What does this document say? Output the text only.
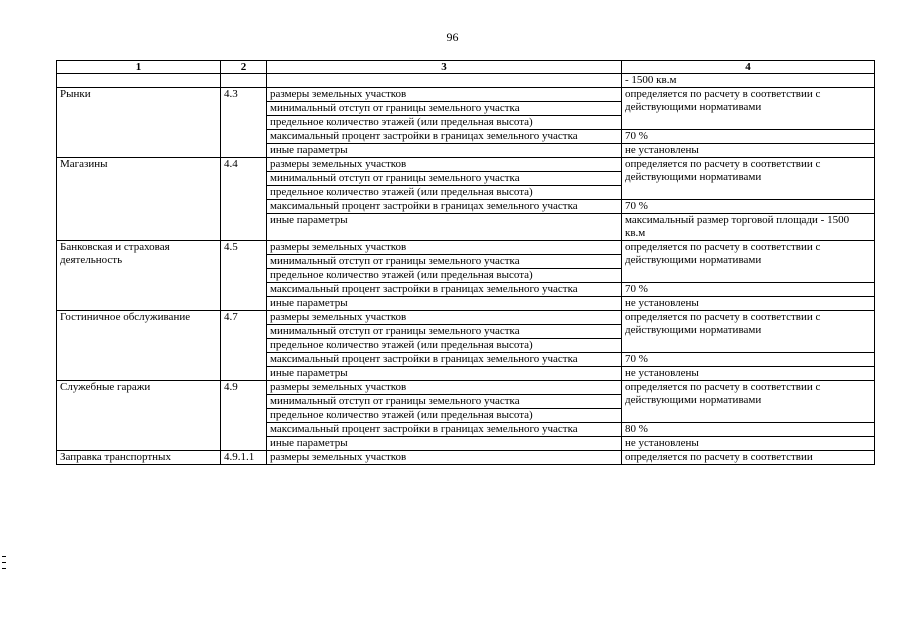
96
1	2	3	4
			- 1500 кв.м
Рынки	4.3	размеры земельных участков	определяется по расчету в соответствии с действующими нормативами
		минимальный отступ от границы земельного участка	
		предельное количество этажей (или предельная высота)	
		максимальный процент застройки в границах земельного участка	70 %
		иные параметры	не установлены
Магазины	4.4	размеры земельных участков	определяется по расчету в соответствии с действующими нормативами
		минимальный отступ от границы земельного участка	
		предельное количество этажей (или предельная высота)	
		максимальный процент застройки в границах земельного участка	70 %
		иные параметры	максимальный размер торговой площади - 1500 кв.м
Банковская и страховая деятельность	4.5	размеры земельных участков	определяется по расчету в соответствии с действующими нормативами
		минимальный отступ от границы земельного участка	
		предельное количество этажей (или предельная высота)	
		максимальный процент застройки в границах земельного участка	70 %
		иные параметры	не установлены
Гостиничное обслуживание	4.7	размеры земельных участков	определяется по расчету в соответствии с действующими нормативами
		минимальный отступ от границы земельного участка	
		предельное количество этажей (или предельная высота)	
		максимальный процент застройки в границах земельного участка	70 %
		иные параметры	не установлены
Служебные гаражи	4.9	размеры земельных участков	определяется по расчету в соответствии с действующими нормативами
		минимальный отступ от границы земельного участка	
		предельное количество этажей (или предельная высота)	
		максимальный процент застройки в границах земельного участка	80 %
		иные параметры	не установлены
Заправка транспортных	4.9.1.1	размеры земельных участков	определяется по расчету в соответствии
